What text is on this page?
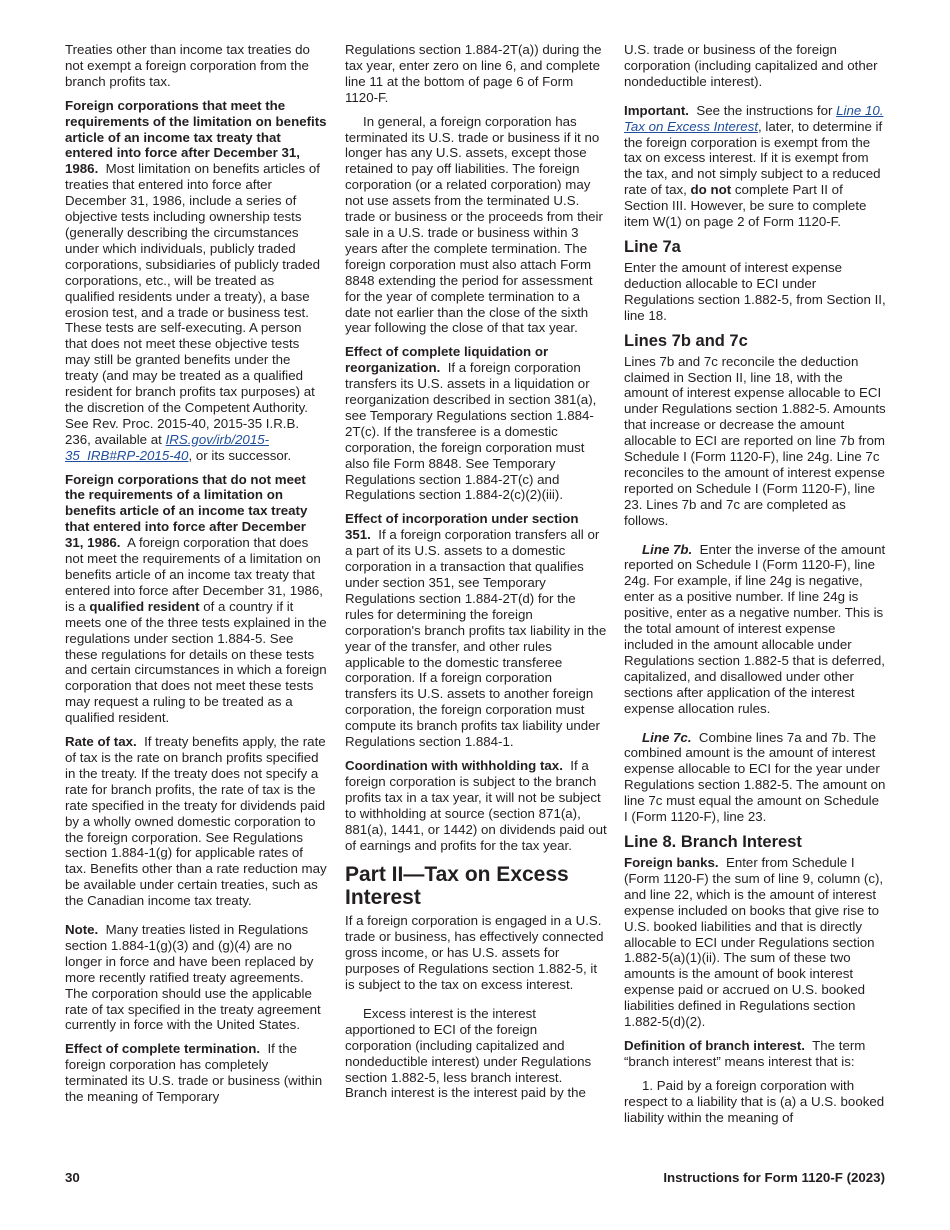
Treaties other than income tax treaties do not exempt a foreign corporation from the branch profits tax.

Foreign corporations that meet the requirements of the limitation on benefits article of an income tax treaty that entered into force after December 31, 1986. Most limitation on benefits articles of treaties that entered into force after December 31, 1986, include a series of objective tests including ownership tests (generally describing the circumstances under which individuals, publicly traded corporations, subsidiaries of publicly traded corporations, etc., will be treated as qualified residents under a treaty), a base erosion test, and a trade or business test. These tests are self-executing. A person that does not meet these objective tests may still be granted benefits under the treaty (and may be treated as a qualified resident for branch profits tax purposes) at the discretion of the Competent Authority. See Rev. Proc. 2015-40, 2015-35 I.R.B. 236, available at IRS.gov/irb/2015-35_IRB#RP-2015-40, or its successor.

Foreign corporations that do not meet the requirements of a limitation on benefits article of an income tax treaty that entered into force after December 31, 1986. A foreign corporation that does not meet the requirements of a limitation on benefits article of an income tax treaty that entered into force after December 31, 1986, is a qualified resident of a country if it meets one of the three tests explained in the regulations under section 1.884-5. See these regulations for details on these tests and certain circumstances in which a foreign corporation that does not meet these tests may request a ruling to be treated as a qualified resident.

Rate of tax. If treaty benefits apply, the rate of tax is the rate on branch profits specified in the treaty. If the treaty does not specify a rate for branch profits, the rate of tax is the rate specified in the treaty for dividends paid by a wholly owned domestic corporation to the foreign corporation. See Regulations section 1.884-1(g) for applicable rates of tax. Benefits other than a rate reduction may be available under certain treaties, such as the Canadian income tax treaty.

Note. Many treaties listed in Regulations section 1.884-1(g)(3) and (g)(4) are no longer in force and have been replaced by more recently ratified treaty agreements. The corporation should use the applicable rate of tax specified in the treaty agreement currently in force with the United States.

Effect of complete termination. If the foreign corporation has completely terminated its U.S. trade or business (within the meaning of Temporary

Regulations section 1.884-2T(a)) during the tax year, enter zero on line 6, and complete line 11 at the bottom of page 6 of Form 1120-F.

In general, a foreign corporation has terminated its U.S. trade or business if it no longer has any U.S. assets, except those retained to pay off liabilities. The foreign corporation (or a related corporation) may not use assets from the terminated U.S. trade or business or the proceeds from their sale in a U.S. trade or business within 3 years after the complete termination. The foreign corporation must also attach Form 8848 extending the period for assessment for the year of complete termination to a date not earlier than the close of the sixth year following the close of that tax year.

Effect of complete liquidation or reorganization. If a foreign corporation transfers its U.S. assets in a liquidation or reorganization described in section 381(a), see Temporary Regulations section 1.884-2T(c). If the transferee is a domestic corporation, the foreign corporation must also file Form 8848. See Temporary Regulations section 1.884-2T(c) and Regulations section 1.884-2(c)(2)(iii).

Effect of incorporation under section 351. If a foreign corporation transfers all or a part of its U.S. assets to a domestic corporation in a transaction that qualifies under section 351, see Temporary Regulations section 1.884-2T(d) for the rules for determining the foreign corporation's branch profits tax liability in the year of the transfer, and other rules applicable to the domestic transferee corporation. If a foreign corporation transfers its U.S. assets to another foreign corporation, the foreign corporation must compute its branch profits tax liability under Regulations section 1.884-1.

Coordination with withholding tax. If a foreign corporation is subject to the branch profits tax in a tax year, it will not be subject to withholding at source (section 871(a), 881(a), 1441, or 1442) on dividends paid out of earnings and profits for the tax year.

Part II—Tax on Excess Interest

If a foreign corporation is engaged in a U.S. trade or business, has effectively connected gross income, or has U.S. assets for purposes of Regulations section 1.882-5, it is subject to the tax on excess interest.

Excess interest is the interest apportioned to ECI of the foreign corporation (including capitalized and nondeductible interest) under Regulations section 1.882-5, less branch interest. Branch interest is the interest paid by the

U.S. trade or business of the foreign corporation (including capitalized and other nondeductible interest).

Important. See the instructions for Line 10. Tax on Excess Interest, later, to determine if the foreign corporation is exempt from the tax on excess interest. If it is exempt from the tax, and not simply subject to a reduced rate of tax, do not complete Part II of Section III. However, be sure to complete item W(1) on page 2 of Form 1120-F.

Line 7a

Enter the amount of interest expense deduction allocable to ECI under Regulations section 1.882-5, from Section II, line 18.

Lines 7b and 7c

Lines 7b and 7c reconcile the deduction claimed in Section II, line 18, with the amount of interest expense allocable to ECI under Regulations section 1.882-5. Amounts that increase or decrease the amount allocable to ECI are reported on line 7b from Schedule I (Form 1120-F), line 24g. Line 7c reconciles to the amount of interest expense reported on Schedule I (Form 1120-F), line 23. Lines 7b and 7c are completed as follows.

Line 7b. Enter the inverse of the amount reported on Schedule I (Form 1120-F), line 24g. For example, if line 24g is negative, enter as a positive number. If line 24g is positive, enter as a negative number. This is the total amount of interest expense included in the amount allocable under Regulations section 1.882-5 that is deferred, capitalized, and disallowed under other sections after application of the interest expense allocation rules.

Line 7c. Combine lines 7a and 7b. The combined amount is the amount of interest expense allocable to ECI for the year under Regulations section 1.882-5. The amount on line 7c must equal the amount on Schedule I (Form 1120-F), line 23.

Line 8. Branch Interest

Foreign banks. Enter from Schedule I (Form 1120-F) the sum of line 9, column (c), and line 22, which is the amount of interest expense included on books that give rise to U.S. booked liabilities and that is directly allocable to ECI under Regulations section 1.882-5(a)(1)(ii). The sum of these two amounts is the amount of book interest expense paid or accrued on U.S. booked liabilities defined in Regulations section 1.882-5(d)(2).

Definition of branch interest. The term “branch interest” means interest that is:

1. Paid by a foreign corporation with respect to a liability that is (a) a U.S. booked liability within the meaning of

30	Instructions for Form 1120-F (2023)
